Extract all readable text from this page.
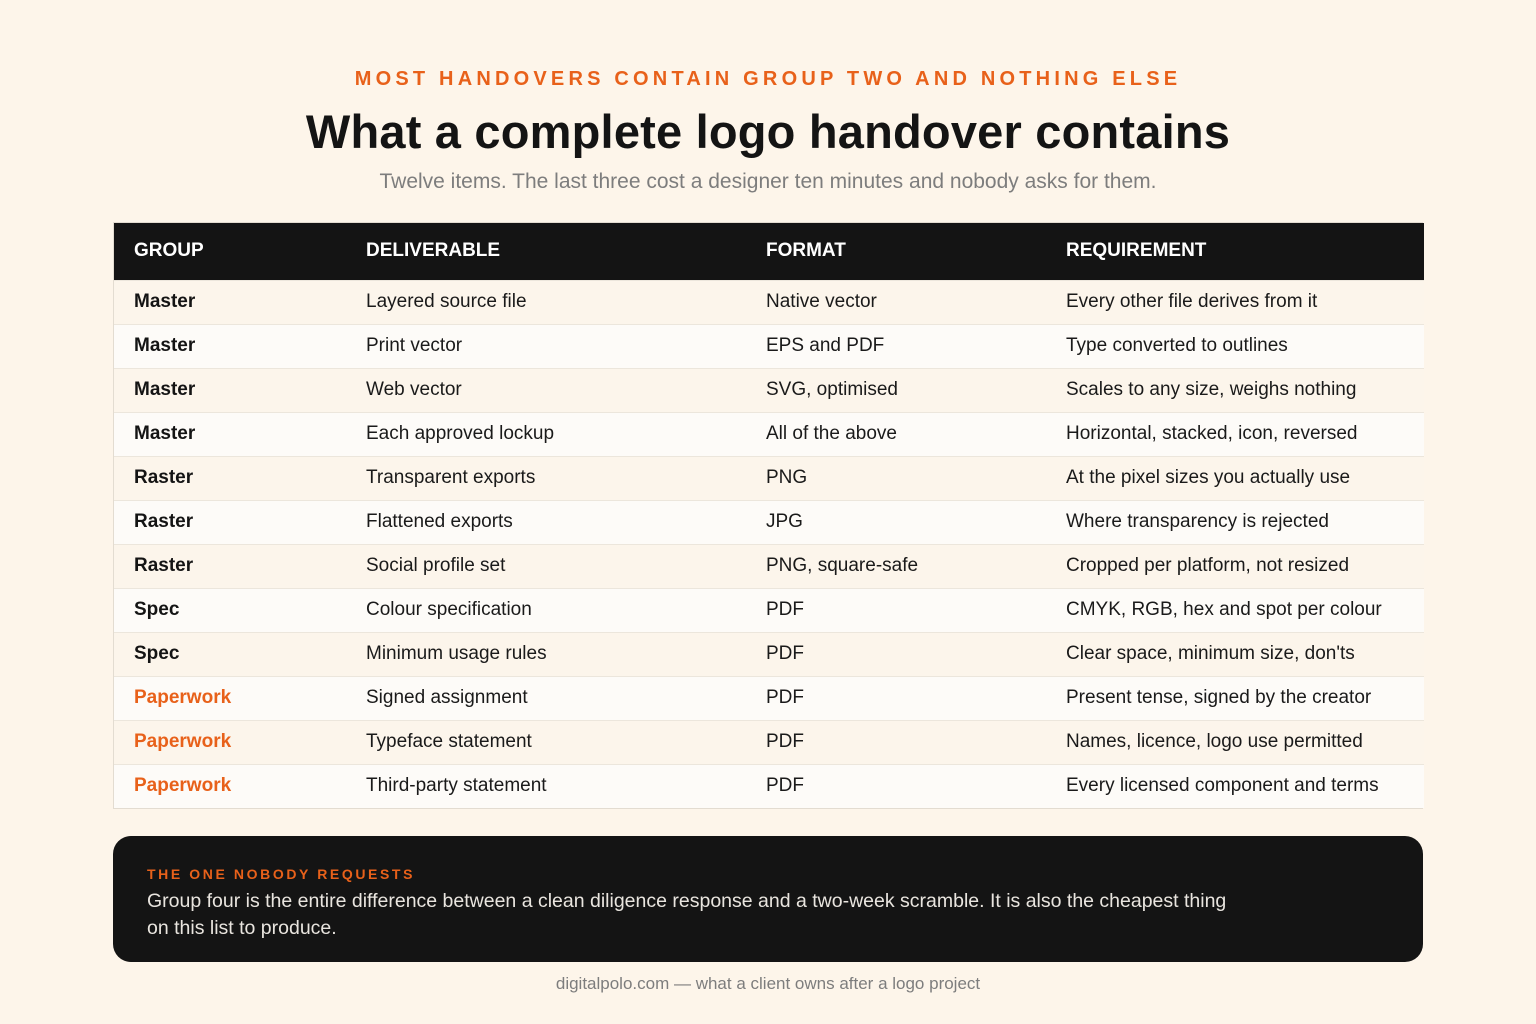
MOST HANDOVERS CONTAIN GROUP TWO AND NOTHING ELSE
What a complete logo handover contains
Twelve items. The last three cost a designer ten minutes and nobody asks for them.
GROUP	DELIVERABLE	FORMAT	REQUIREMENT
Master	Layered source file	Native vector	Every other file derives from it
Master	Print vector	EPS and PDF	Type converted to outlines
Master	Web vector	SVG, optimised	Scales to any size, weighs nothing
Master	Each approved lockup	All of the above	Horizontal, stacked, icon, reversed
Raster	Transparent exports	PNG	At the pixel sizes you actually use
Raster	Flattened exports	JPG	Where transparency is rejected
Raster	Social profile set	PNG, square-safe	Cropped per platform, not resized
Spec	Colour specification	PDF	CMYK, RGB, hex and spot per colour
Spec	Minimum usage rules	PDF	Clear space, minimum size, don'ts
Paperwork	Signed assignment	PDF	Present tense, signed by the creator
Paperwork	Typeface statement	PDF	Names, licence, logo use permitted
Paperwork	Third-party statement	PDF	Every licensed component and terms
THE ONE NOBODY REQUESTS
Group four is the entire difference between a clean diligence response and a two-week scramble. It is also the cheapest thing on this list to produce.
digitalpolo.com — what a client owns after a logo project
